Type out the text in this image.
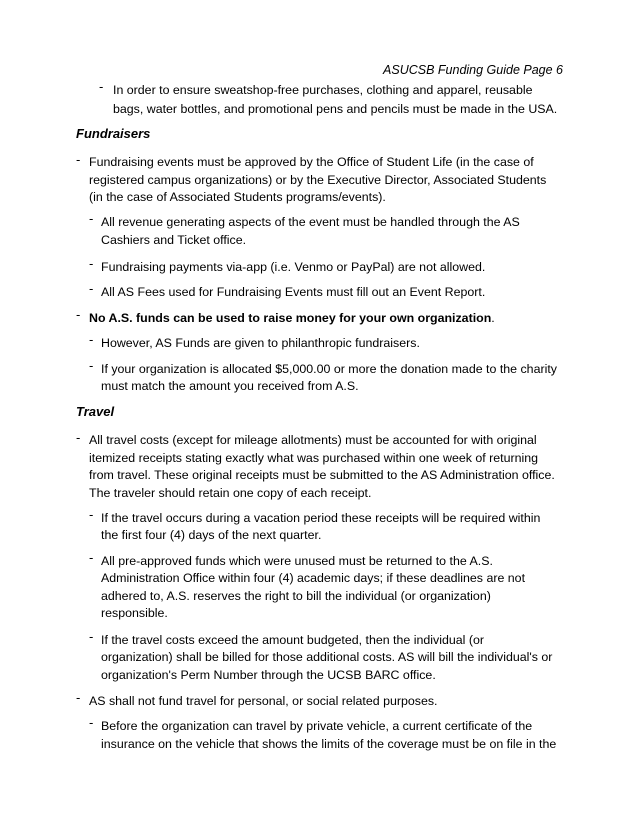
ASUCSB Funding Guide Page 6
- In order to ensure sweatshop-free purchases, clothing and apparel, reusable
bags, water bottles, and promotional pens and pencils must be made in the USA.
Fundraisers
- Fundraising events must be approved by the Office of Student Life (in the case of
registered campus organizations) or by the Executive Director, Associated Students
(in the case of Associated Students programs/events).
- All revenue generating aspects of the event must be handled through the AS
Cashiers and Ticket office.
- Fundraising payments via-app (i.e. Venmo or PayPal) are not allowed.
- All AS Fees used for Fundraising Events must fill out an Event Report.
- No A.S. funds can be used to raise money for your own organization.
- However, AS Funds are given to philanthropic fundraisers.
- If your organization is allocated $5,000.00 or more the donation made to the charity
must match the amount you received from A.S.
Travel
- All travel costs (except for mileage allotments) must be accounted for with original
itemized receipts stating exactly what was purchased within one week of returning
from travel. These original receipts must be submitted to the AS Administration office.
The traveler should retain one copy of each receipt.
- If the travel occurs during a vacation period these receipts will be required within
the first four (4) days of the next quarter.
- All pre-approved funds which were unused must be returned to the A.S.
Administration Office within four (4) academic days; if these deadlines are not
adhered to, A.S. reserves the right to bill the individual (or organization)
responsible.
- If the travel costs exceed the amount budgeted, then the individual (or
organization) shall be billed for those additional costs. AS will bill the individual's or
organization's Perm Number through the UCSB BARC office.
- AS shall not fund travel for personal, or social related purposes.
- Before the organization can travel by private vehicle, a current certificate of the
insurance on the vehicle that shows the limits of the coverage must be on file in the
